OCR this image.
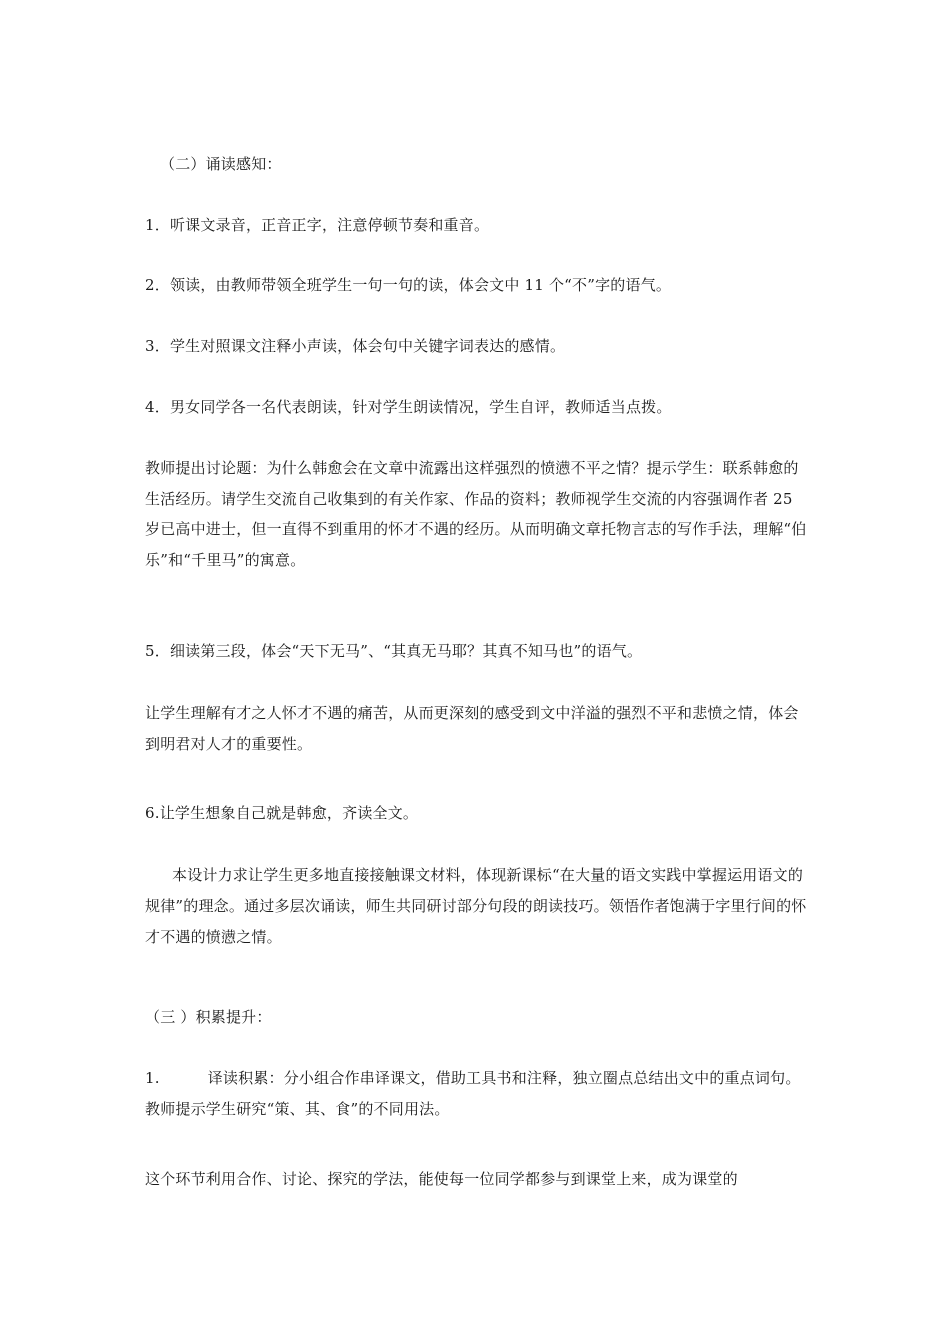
（二）诵读感知：

1．听课文录音，正音正字，注意停顿节奏和重音。

2．领读，由教师带领全班学生一句一句的读，体会文中 11 个“不”字的语气。

3．学生对照课文注释小声读，体会句中关键字词表达的感情。

4．男女同学各一名代表朗读，针对学生朗读情况，学生自评，教师适当点拨。

教师提出讨论题：为什么韩愈会在文章中流露出这样强烈的愤懑不平之情？提示学生：联系韩愈的生活经历。请学生交流自己收集到的有关作家、作品的资料；教师视学生交流的内容强调作者 25 岁已高中进士，但一直得不到重用的怀才不遇的经历。从而明确文章托物言志的写作手法，理解“伯乐”和“千里马”的寓意。

5．细读第三段，体会“天下无马”、“其真无马耶？其真不知马也”的语气。

让学生理解有才之人怀才不遇的痛苦，从而更深刻的感受到文中洋溢的强烈不平和悲愤之情，体会到明君对人才的重要性。

6.让学生想象自己就是韩愈，齐读全文。

本设计力求让学生更多地直接接触课文材料，体现新课标“在大量的语文实践中掌握运用语文的规律”的理念。通过多层次诵读，师生共同研讨部分句段的朗读技巧。领悟作者饱满于字里行间的怀才不遇的愤懑之情。

（三 ）积累提升：

1.	译读积累：分小组合作串译课文，借助工具书和注释，独立圈点总结出文中的重点词句。教师提示学生研究“策、其、食”的不同用法。

这个环节利用合作、讨论、探究的学法，能使每一位同学都参与到课堂上来，成为课堂的
